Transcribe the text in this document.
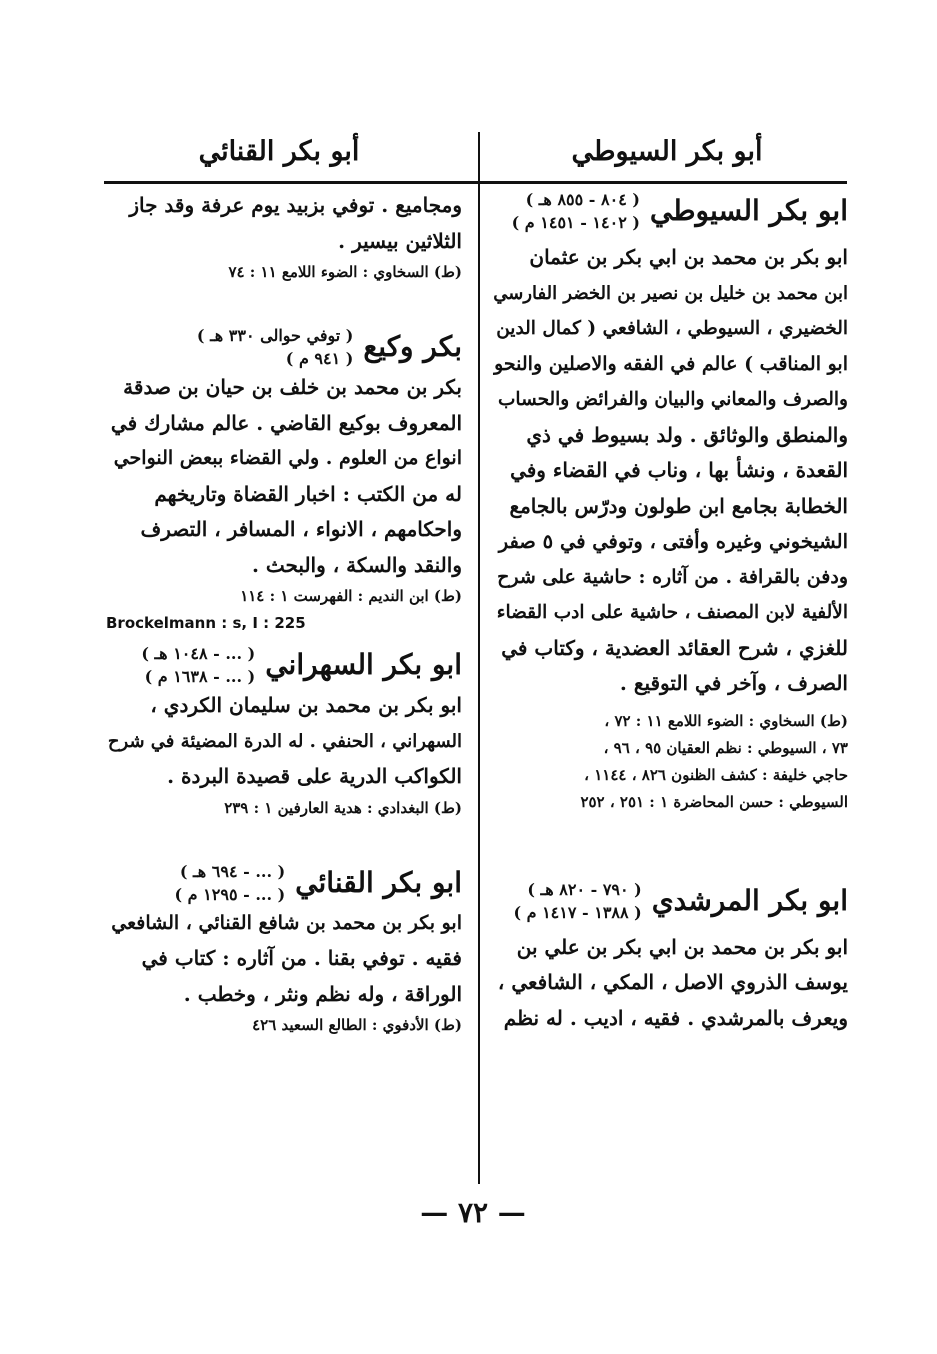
أبو بكر السيوطي
أبو بكر القنائي
ابو بكر السيوطي
( ٨٠٤ - ٨٥٥ هـ )
( ١٤٠٢ - ١٤٥١ م )
ابو بكر بن محمد بن ابي بكر بن عثمان
ابن محمد بن خليل بن نصير بن الخضر الفارسي
الخضيري ، السيوطي ، الشافعي ( كمال الدين
ابو المناقب ) عالم في الفقه والاصلين والنحو
والصرف والمعاني والبيان والفرائض والحساب
والمنطق والوثائق . ولد بسيوط في ذي
القعدة ، ونشأ بها ، وناب في القضاء وفي
الخطابة بجامع ابن طولون ودرّس بالجامع
الشيخوني وغيره وأفتى ، وتوفي في ٥ صفر
ودفن بالقرافة . من آثاره : حاشية على شرح
الألفية لابن المصنف ، حاشية على ادب القضاء
للغزي ، شرح العقائد العضدية ، وكتاب في
الصرف ، وآخر في التوقيع .
(ط) السخاوي : الضوء اللامع ١١ : ٧٢ ،
٧٣ ، السيوطي : نظم العقيان ٩٥ ، ٩٦ ،
حاجي خليفة : كشف الظنون ٨٢٦ ، ١١٤٤ ،
السيوطي : حسن المحاضرة ١ : ٢٥١ ، ٢٥٢
ابو بكر المرشدي
( ٧٩٠ - ٨٢٠ هـ )
( ١٣٨٨ - ١٤١٧ م )
ابو بكر بن محمد بن ابي بكر بن علي بن
يوسف الذروي الاصل ، المكي ، الشافعي ،
ويعرف بالمرشدي . فقيه ، اديب . له نظم
ومجاميع . توفي بزبيد يوم عرفة وقد جاز
الثلاثين بيسير .
(ط) السخاوي : الضوء اللامع ١١ : ٧٤
بكر وكيع
( توفي حوالى ٣٣٠ هـ )
( ٩٤١ م )
بكر بن محمد بن خلف بن حيان بن صدقة
المعروف بوكيع القاضي . عالم مشارك في
انواع من العلوم . ولي القضاء ببعض النواحي
له من الكتب : اخبار القضاة وتاريخهم
واحكامهم ، الانواء ، المسافر ، التصرف
والنقد والسكة ، والبحث .
(ط) ابن النديم : الفهرست ١ : ١١٤
Brockelmann : s, I : 225
ابو بكر السهراني
( ... - ١٠٤٨ هـ )
( ... - ١٦٣٨ م )
ابو بكر بن محمد بن سليمان الكردي ،
السهراني ، الحنفي . له الدرة المضيئة في شرح
الكواكب الدرية على قصيدة البردة .
(ط) البغدادي : هدية العارفين ١ : ٢٣٩
ابو بكر القنائي
( ... - ٦٩٤ هـ )
( ... - ١٢٩٥ م )
ابو بكر بن محمد بن شافع القنائي ، الشافعي
فقيه . توفي بقنا . من آثاره : كتاب في
الوراقة ، وله نظم ونثر ، وخطب .
(ط) الأدفوي : الطالع السعيد ٤٢٦
— ٧٢ —
